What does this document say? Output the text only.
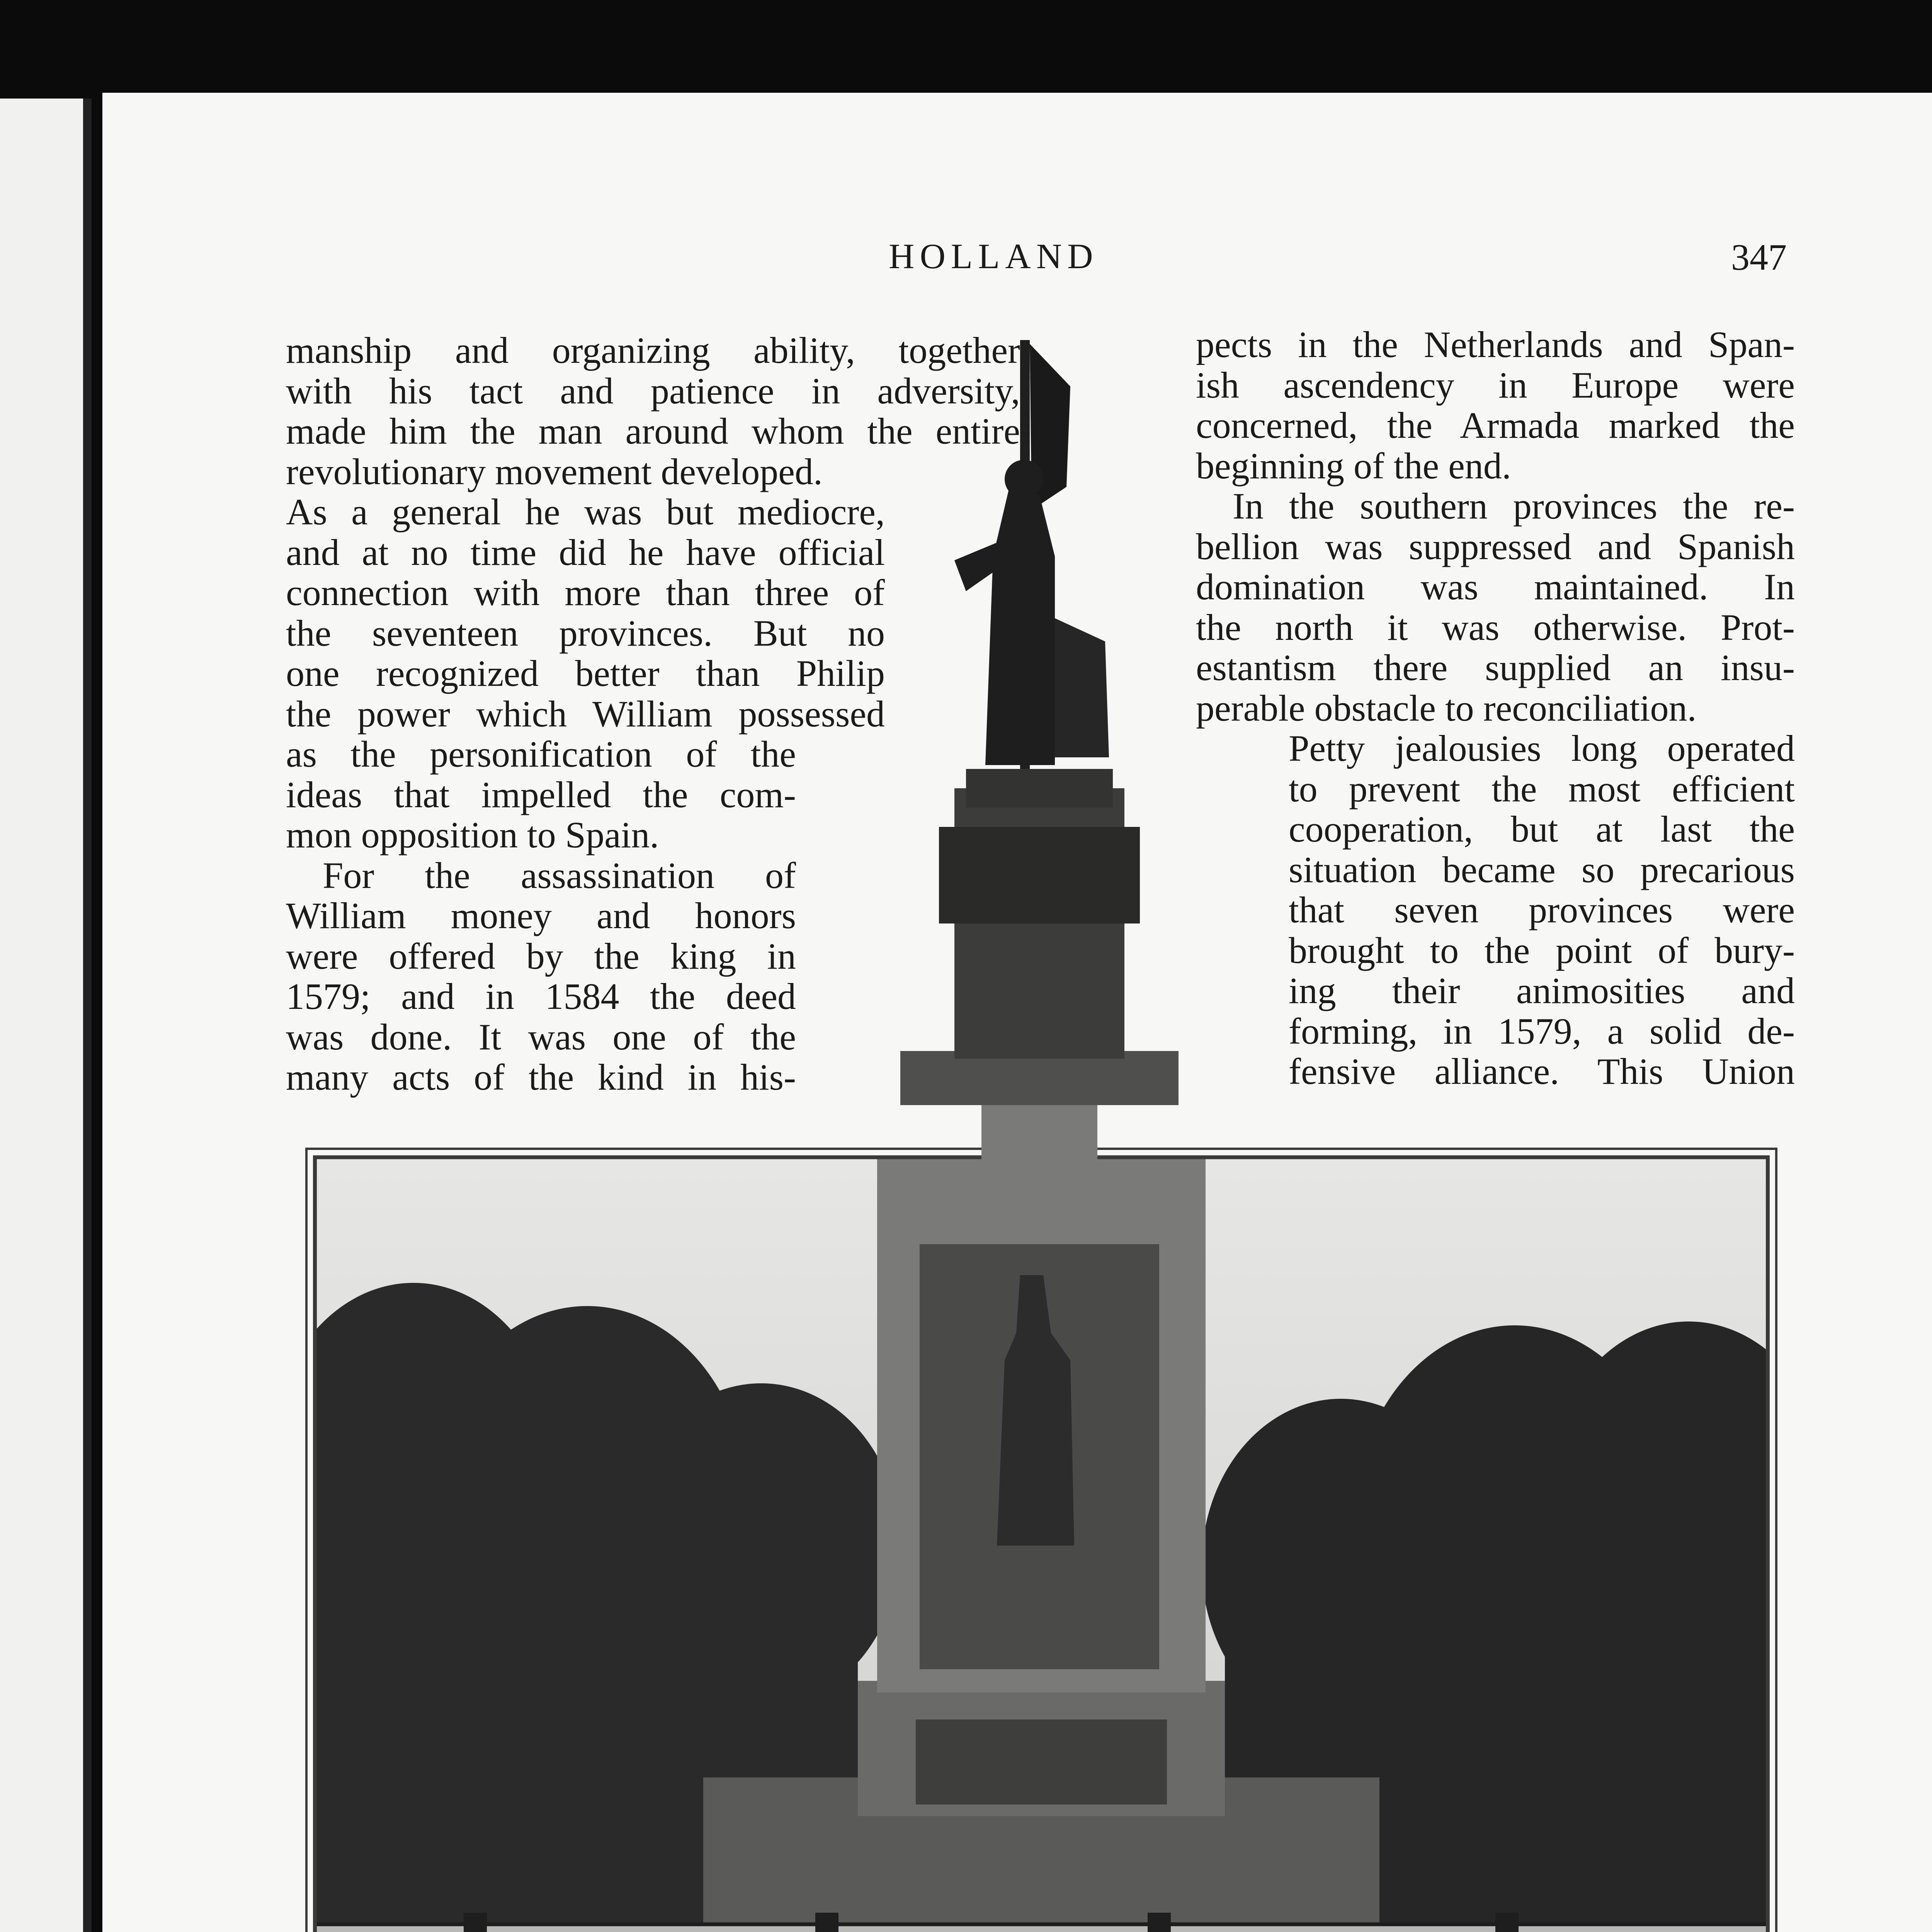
HOLLAND	347
manship and organizing ability, together
with his tact and patience in adversity,
made him the man around whom the entire
revolutionary movement developed.
As a general he was but mediocre,
and at no time did he have official
connection with more than three of
the seventeen provinces. But no
one recognized better than Philip
the power which William possessed
as the personification of the
ideas that impelled the com-
mon opposition to Spain.
For the assassination of
William money and honors
were offered by the king in
1579; and in 1584 the deed
was done. It was one of the
many acts of the kind in his-
pects in the Netherlands and Span-
ish ascendency in Europe were
concerned, the Armada marked the
beginning of the end.
In the southern provinces the re-
bellion was suppressed and Spanish
domination was maintained. In
the north it was otherwise. Prot-
estantism there supplied an insu-
perable obstacle to reconciliation.
Petty jealousies long operated
to prevent the most efficient
cooperation, but at last the
situation became so precarious
that seven provinces were
brought to the point of bury-
ing their animosities and
forming, in 1579, a solid de-
fensive alliance. This Union
